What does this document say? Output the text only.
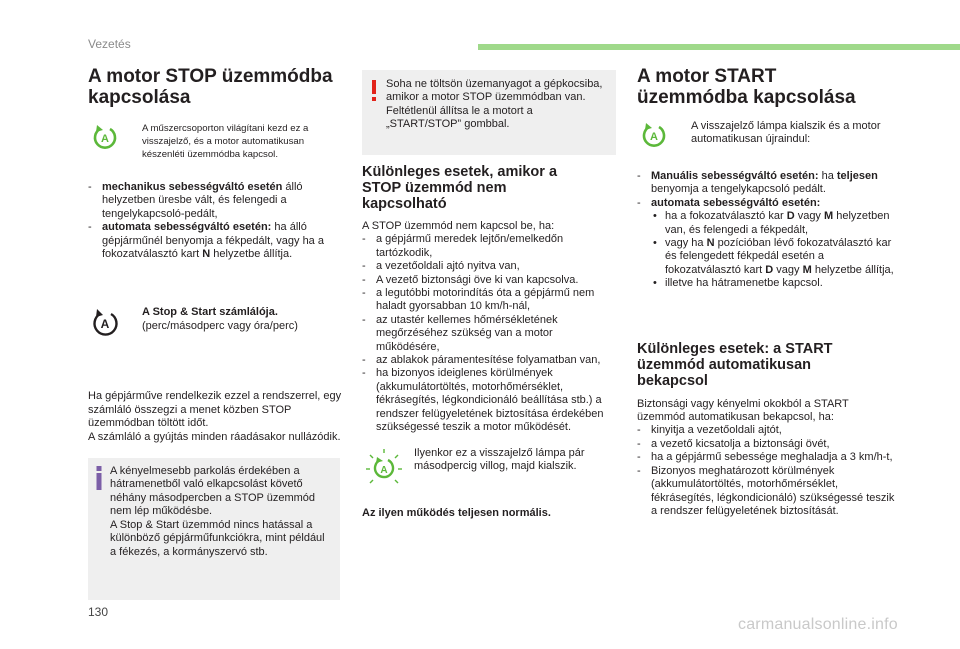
Vezetés
A motor STOP üzemmódba kapcsolása
A

A műszercsoporton világítani kezd ez a visszajelző, és a motor automatikusan készenléti üzemmódba kapcsol.

- mechanikus sebességváltó esetén álló helyzetben üresbe vált, és felengedi a tengelykapcsoló-pedált,
- automata sebességváltó esetén: ha álló gépjárműnél benyomja a fékpedált, vagy ha a fokozatválasztó kart N helyzetbe állítja.
A

A Stop & Start számlálója.

(perc/másodperc vagy óra/perc)

Ha gépjárműve rendelkezik ezzel a rendszerrel, egy számláló összegzi a menet közben STOP üzemmódban töltött időt.

A számláló a gyújtás minden ráadásakor nullázódik.

A kényelmesebb parkolás érdekében a hátramenetből való elkapcsolást követő néhány másodpercben a STOP üzemmód nem lép működésbe.

A Stop & Start üzemmód nincs hatással a különböző gépjárműfunkciókra, mint például a fékezés, a kormányszervó stb.

Soha ne töltsön üzemanyagot a gépkocsiba, amikor a motor STOP üzemmódban van. Feltétlenül állítsa le a motort a „START/STOP” gombbal.

Különleges esetek, amikor a STOP üzemmód nem kapcsolható

A STOP üzemmód nem kapcsol be, ha:

- a gépjármű meredek lejtőn/emelkedőn tartózkodik,
- a vezetőoldali ajtó nyitva van,
- A vezető biztonsági öve ki van kapcsolva.
- a legutóbbi motorindítás óta a gépjármű nem haladt gyorsabban 10 km/h-nál,
- az utastér kellemes hőmérsékletének megőrzéséhez szükség van a motor működésére,
- az ablakok páramentesítése folyamatban van,
- ha bizonyos ideiglenes körülmények (akkumulátortöltés, motorhőmérséklet, fékrásegítés, légkondicionáló beállítása stb.) a rendszer felügyeletének biztosítása érdekében szükségessé teszik a motor működését.
A

Ilyenkor ez a visszajelző lámpa pár másodpercig villog, majd kialszik.

Az ilyen működés teljesen normális.

A motor START üzemmódba kapcsolása
A

A visszajelző lámpa kialszik és a motor automatikusan újraindul:

- Manuális sebességváltó esetén: ha teljesen benyomja a tengelykapcsoló pedált.
- automata sebességváltó esetén:
• ha a fokozatválasztó kar D vagy M helyzetben van, és felengedi a fékpedált,
• vagy ha N pozícióban lévő fokozatválasztó kar és felengedett fékpedál esetén a fokozatválasztó kart D vagy M helyzetbe állítja,
• illetve ha hátramenetbe kapcsol.
Különleges esetek: a START üzemmód automatikusan bekapcsol

Biztonsági vagy kényelmi okokból a START üzemmód automatikusan bekapcsol, ha:

- kinyitja a vezetőoldali ajtót,
- a vezető kicsatolja a biztonsági övét,
- ha a gépjármű sebessége meghaladja a 3 km/h-t,
- Bizonyos meghatározott körülmények (akkumulátortöltés, motorhőmérséklet, fékrásegítés, légkondicionáló) szükségessé teszik a rendszer felügyeletének biztosítását.
130
carmanualsonline.info
